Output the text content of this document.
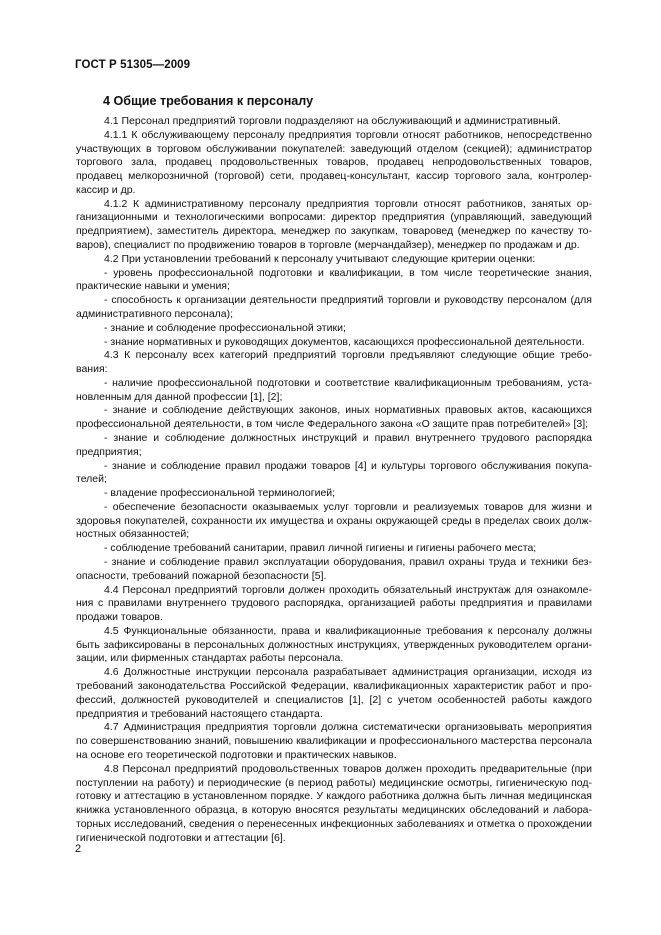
ГОСТ Р 51305—2009
4 Общие требования к персоналу

4.1 Персонал предприятий торговли подразделяют на обслуживающий и административный.

4.1.1 К обслуживающему персоналу предприятия торговли относят работников, непосредственно участвующих в торговом обслуживании покупателей: заведующий отделом (секцией); администратор торгового зала, продавец продовольственных товаров, продавец непродовольственных товаров, продавец мелкорозничной (торговой) сети, продавец-консультант, кассир торгового зала, контролер-кассир и др.

4.1.2 К административному персоналу предприятия торговли относят работников, занятых организационными и технологическими вопросами: директор предприятия (управляющий, заведующий предприятием), заместитель директора, менеджер по закупкам, товаровед (менеджер по качеству товаров), специалист по продвижению товаров в торговле (мерчандайзер), менеджер по продажам и др.

4.2 При установлении требований к персоналу учитывают следующие критерии оценки:

- уровень профессиональной подготовки и квалификации, в том числе теоретические знания, практические навыки и умения;

- способность к организации деятельности предприятий торговли и руководству персоналом (для административного персонала);

- знание и соблюдение профессиональной этики;

- знание нормативных и руководящих документов, касающихся профессиональной деятельности.

4.3 К персоналу всех категорий предприятий торговли предъявляют следующие общие требования:

- наличие профессиональной подготовки и соответствие квалификационным требованиям, установленным для данной профессии [1], [2];

- знание и соблюдение действующих законов, иных нормативных правовых актов, касающихся профессиональной деятельности, в том числе Федерального закона «О защите прав потребителей» [3];

- знание и соблюдение должностных инструкций и правил внутреннего трудового распорядка предприятия;

- знание и соблюдение правил продажи товаров [4] и культуры торгового обслуживания покупателей;

- владение профессиональной терминологией;

- обеспечение безопасности оказываемых услуг торговли и реализуемых товаров для жизни и здоровья покупателей, сохранности их имущества и охраны окружающей среды в пределах своих должностных обязанностей;

- соблюдение требований санитарии, правил личной гигиены и гигиены рабочего места;

- знание и соблюдение правил эксплуатации оборудования, правил охраны труда и техники безопасности, требований пожарной безопасности [5].

4.4 Персонал предприятий торговли должен проходить обязательный инструктаж для ознакомления с правилами внутреннего трудового распорядка, организацией работы предприятия и правилами продажи товаров.

4.5 Функциональные обязанности, права и квалификационные требования к персоналу должны быть зафиксированы в персональных должностных инструкциях, утвержденных руководителем организации, или фирменных стандартах работы персонала.

4.6 Должностные инструкции персонала разрабатывает администрация организации, исходя из требований законодательства Российской Федерации, квалификационных характеристик работ и профессий, должностей руководителей и специалистов [1], [2] с учетом особенностей работы каждого предприятия и требований настоящего стандарта.

4.7 Администрация предприятия торговли должна систематически организовывать мероприятия по совершенствованию знаний, повышению квалификации и профессионального мастерства персонала на основе его теоретической подготовки и практических навыков.

4.8 Персонал предприятий продовольственных товаров должен проходить предварительные (при поступлении на работу) и периодические (в период работы) медицинские осмотры, гигиеническую подготовку и аттестацию в установленном порядке. У каждого работника должна быть личная медицинская книжка установленного образца, в которую вносятся результаты медицинских обследований и лабораторных исследований, сведения о перенесенных инфекционных заболеваниях и отметка о прохождении гигиенической подготовки и аттестации [6].

2
